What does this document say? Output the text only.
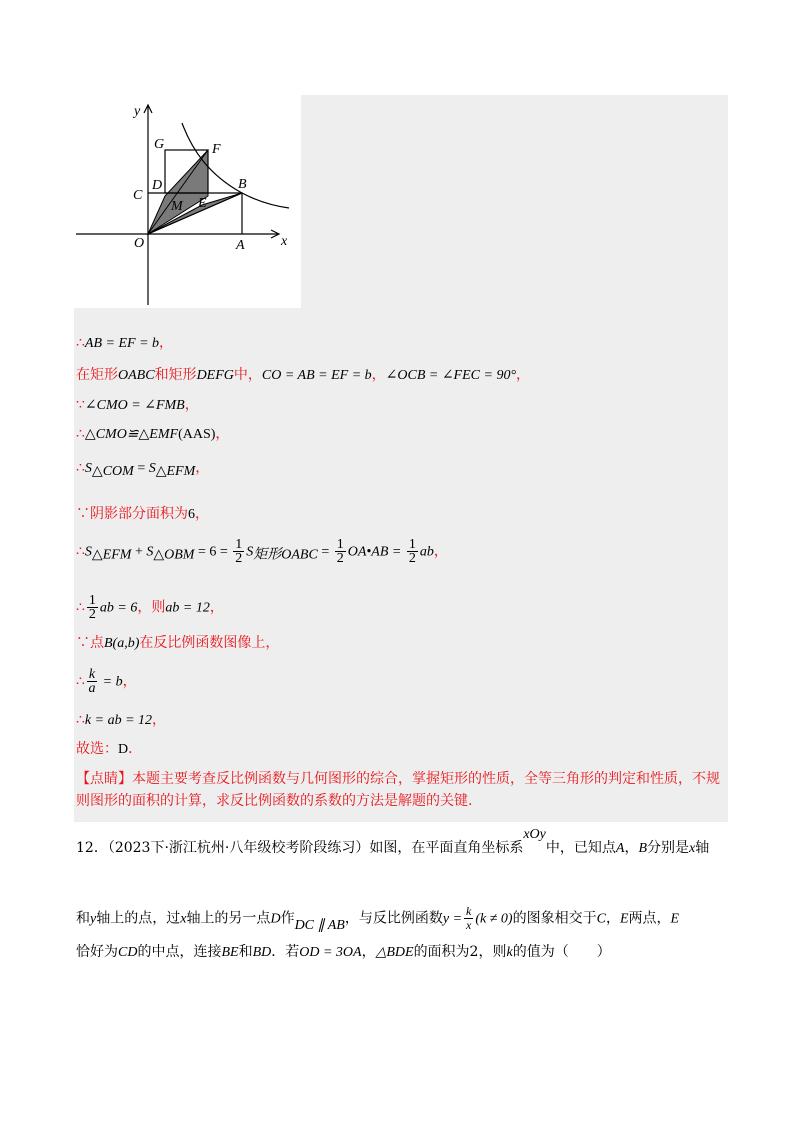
y
x
O	A
B
C
D
E
F
G
M
∴AB = EF = b，
在矩形OABC和矩形DEFG中，CO = AB = EF = b，∠OCB = ∠FEC = 90°，
∵∠CMO = ∠FMB，
∴△CMO≌△EMF(AAS)，
∴S△COM = S△EFM，
∵阴影部分面积为6，
∴S△EFM + S△OBM = $6 = \frac{1}{2}$ S矩形OABC = $\frac{1}{2}$ OA•AB = $\frac{1}{2}$ ab，
∴ $\frac{1}{2}$ ab = 6，则ab = 12，
∵点B(a,b)在反比例函数图像上，
∴ $\frac{k}{a} = b$，
∴k = ab = 12，
故选：D．
【点睛】本题主要考查反比例函数与几何图形的综合，掌握矩形的性质，全等三角形的判定和性质，不规则图形的面积的计算，求反比例函数的系数的方法是解题的关键.
12．（2023下·浙江杭州·八年级校考阶段练习）如图，在平面直角坐标系xOy中，已知点A，B分别是x轴
和y轴上的点，过x轴上的另一点D作DC ∥ AB，与反比例函数$y = \frac{k}{x} (k \ne 0)$的图象相交于C，E两点，E
恰好为CD的中点，连接BE和BD．若OD = 3OA，△BDE的面积为2，则k的值为（　　）
